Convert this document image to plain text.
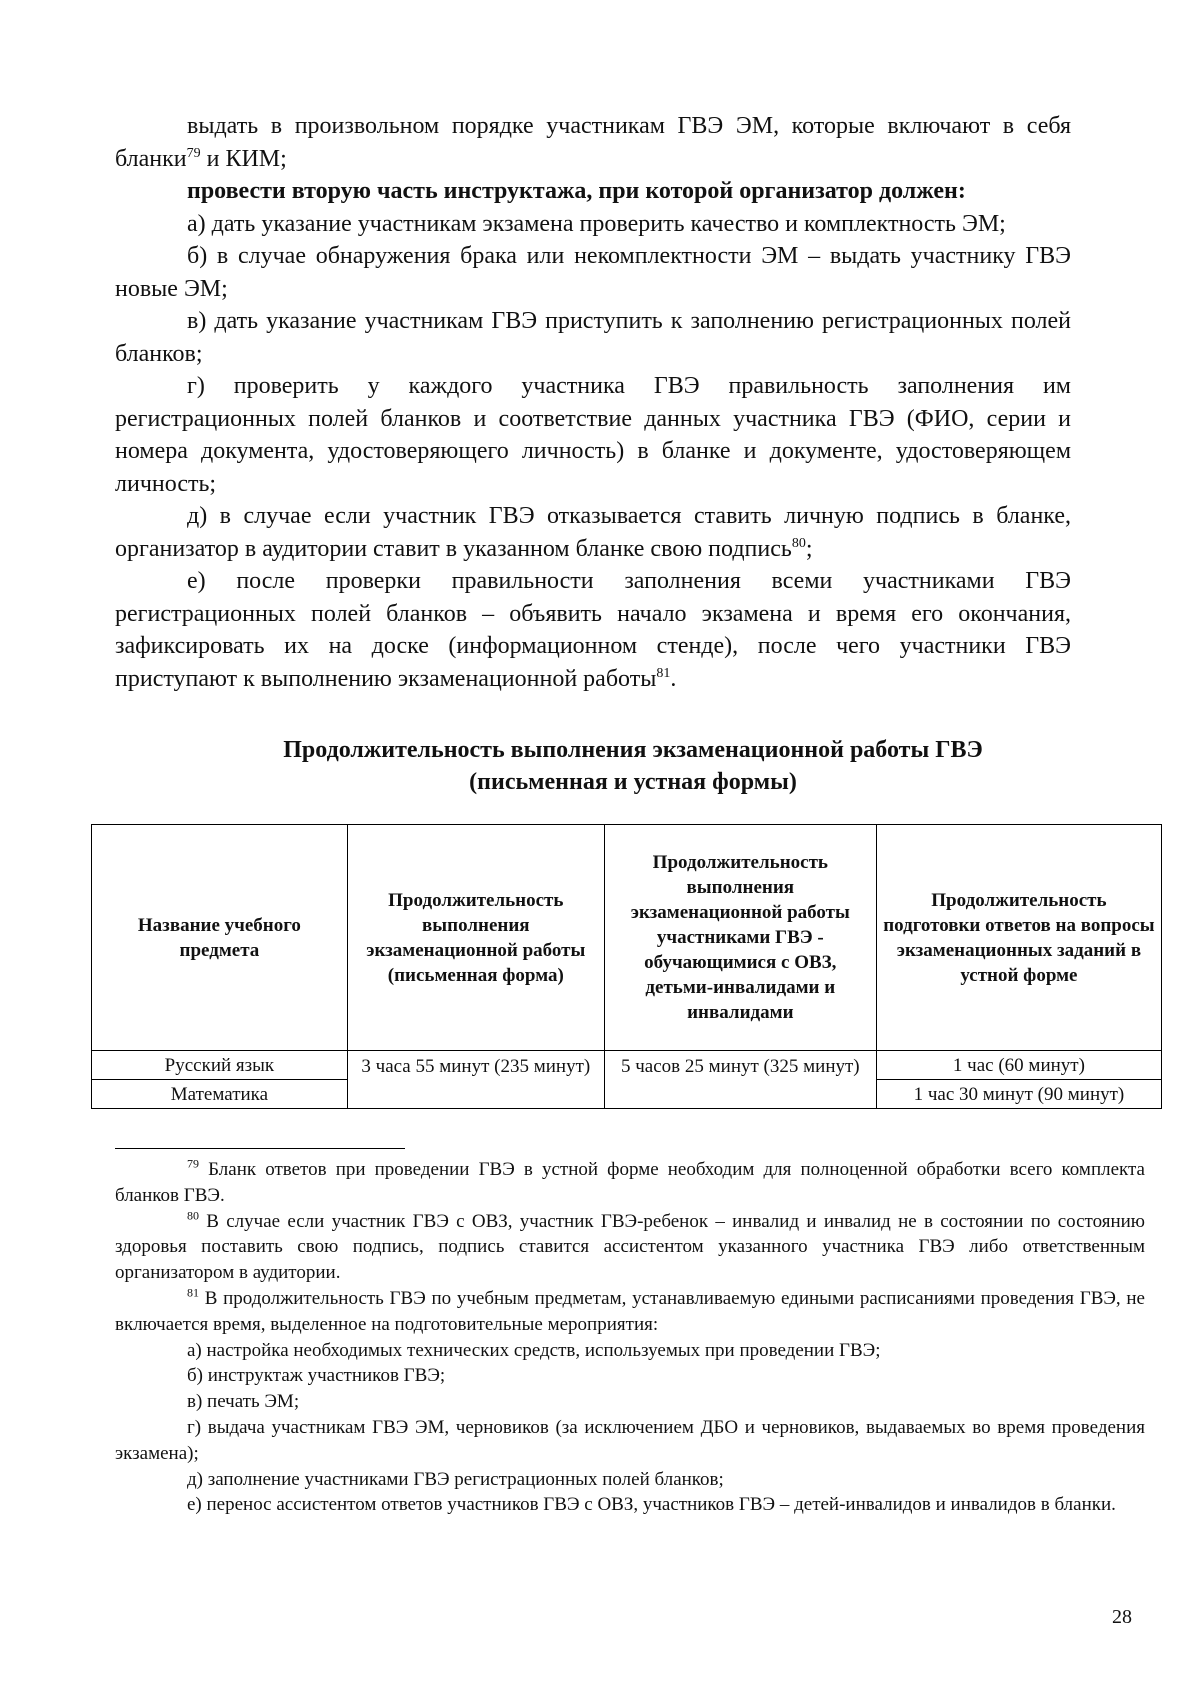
выдать в произвольном порядке участникам ГВЭ ЭМ, которые включают в себя бланки$^{79}$ и КИМ;

провести вторую часть инструктажа, при которой организатор должен:

а) дать указание участникам экзамена проверить качество и комплектность ЭМ;

б) в случае обнаружения брака или некомплектности ЭМ – выдать участнику ГВЭ новые ЭМ;

в) дать указание участникам ГВЭ приступить к заполнению регистрационных полей бланков;

г) проверить у каждого участника ГВЭ правильность заполнения им регистрационных полей бланков и соответствие данных участника ГВЭ (ФИО, серии и номера документа, удостоверяющего личность) в бланке и документе, удостоверяющем личность;

д) в случае если участник ГВЭ отказывается ставить личную подпись в бланке, организатор в аудитории ставит в указанном бланке свою подпись$^{80}$;

е) после проверки правильности заполнения всеми участниками ГВЭ регистрационных полей бланков – объявить начало экзамена и время его окончания, зафиксировать их на доске (информационном стенде), после чего участники ГВЭ приступают к выполнению экзаменационной работы$^{81}$.

Продолжительность выполнения экзаменационной работы ГВЭ
(письменная и устная формы)
Название учебного предмета	Продолжительность выполнения экзаменационной работы (письменная форма)	Продолжительность выполнения экзаменационной работы участниками ГВЭ - обучающимися с ОВЗ, детьми-инвалидами и инвалидами	Продолжительность подготовки ответов на вопросы экзаменационных заданий в устной форме
Русский язык	3 часа 55 минут (235 минут)	5 часов 25 минут (325 минут)	1 час (60 минут)
Математика			1 час 30 минут (90 минут)

$^{79}$ Бланк ответов при проведении ГВЭ в устной форме необходим для полноценной обработки всего комплекта бланков ГВЭ.

$^{80}$ В случае если участник ГВЭ с ОВЗ, участник ГВЭ-ребенок – инвалид и инвалид не в состоянии по состоянию здоровья поставить свою подпись, подпись ставится ассистентом указанного участника ГВЭ либо ответственным организатором в аудитории.

$^{81}$ В продолжительность ГВЭ по учебным предметам, устанавливаемую едиными расписаниями проведения ГВЭ, не включается время, выделенное на подготовительные мероприятия:

а) настройка необходимых технических средств, используемых при проведении ГВЭ;

б) инструктаж участников ГВЭ;

в) печать ЭМ;

г) выдача участникам ГВЭ ЭМ, черновиков (за исключением ДБО и черновиков, выдаваемых во время проведения экзамена);

д) заполнение участниками ГВЭ регистрационных полей бланков;

е) перенос ассистентом ответов участников ГВЭ с ОВЗ, участников ГВЭ – детей-инвалидов и инвалидов в бланки.

28
